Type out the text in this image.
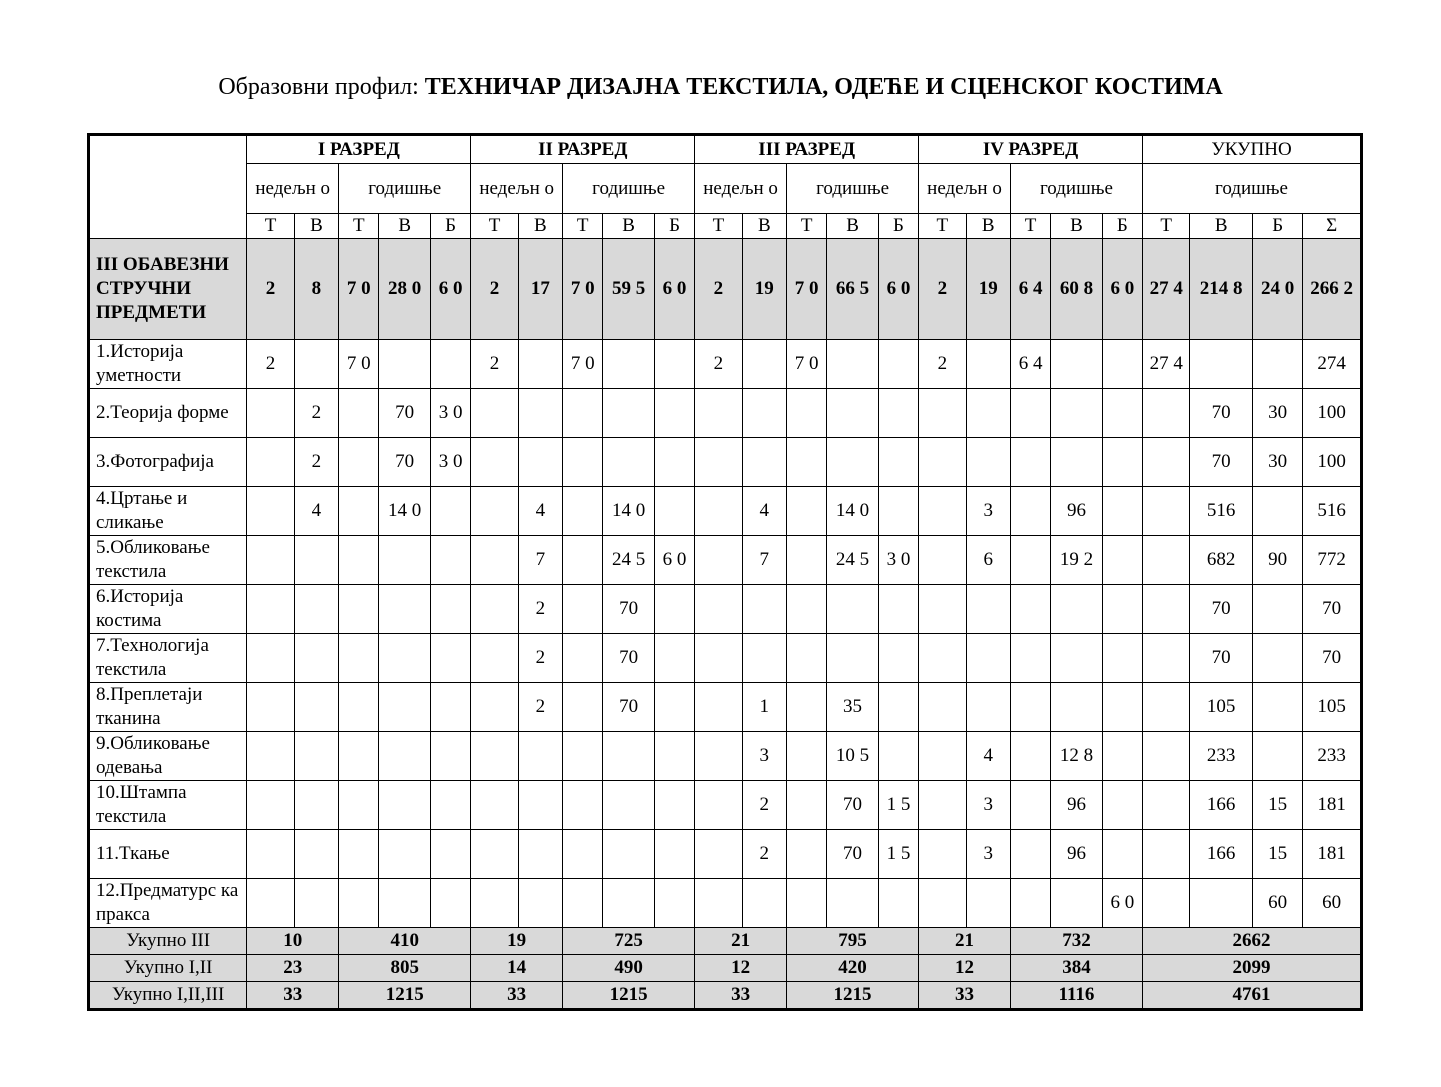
Образовни профил: ТЕХНИЧАР ДИЗАЈНА ТЕКСТИЛА, ОДЕЋЕ И СЦЕНСКОГ КОСТИМА
	I РАЗРЕД					II РАЗРЕД					III РАЗРЕД					IV РАЗРЕД					УКУПНО			
	недељн о		годишње			недељн о		годишње			недељн о		годишње			недељн о		годишње			годишње			
	Т	В	Т	В	Б	Т	В	Т	В	Б	Т	В	Т	В	Б	Т	В	Т	В	Б	Т	В	Б	Σ
III ОБАВЕЗНИ СТРУЧНИ ПРЕДМЕТИ	2	8	7 0	28 0	6 0	2	17	7 0	59 5	6 0	2	19	7 0	66 5	6 0	2	19	6 4	60 8	6 0	27 4	214 8	24 0	266 2
1.Историја уметности	2		7 0			2		7 0			2		7 0			2		6 4			27 4			274
2.Теорија форме		2		70	3 0																	70	30	100
3.Фотографија		2		70	3 0																	70	30	100
4.Цртање и сликање		4		14 0			4		14 0			4		14 0			3		96			516		516
5.Обликовање текстила							7		24 5	6 0		7		24 5	3 0		6		19 2			682	90	772
6.Историја костима							2		70													70		70
7.Технологија текстила							2		70													70		70
8.Преплетаји тканина							2		70			1		35								105		105
9.Обликовање одевања												3		10 5			4		12 8			233		233
10.Штампа текстила												2		70	1 5		3		96			166	15	181
11.Ткање												2		70	1 5		3		96			166	15	181
12.Предматурс ка пракса																				6 0			60	60
Укупно III	10		410			19		725			21		795			21		732			2662			
Укупно I,II	23		805			14		490			12		420			12		384			2099			
Укупно I,II,III	33		1215			33		1215			33		1215			33		1116			4761			
